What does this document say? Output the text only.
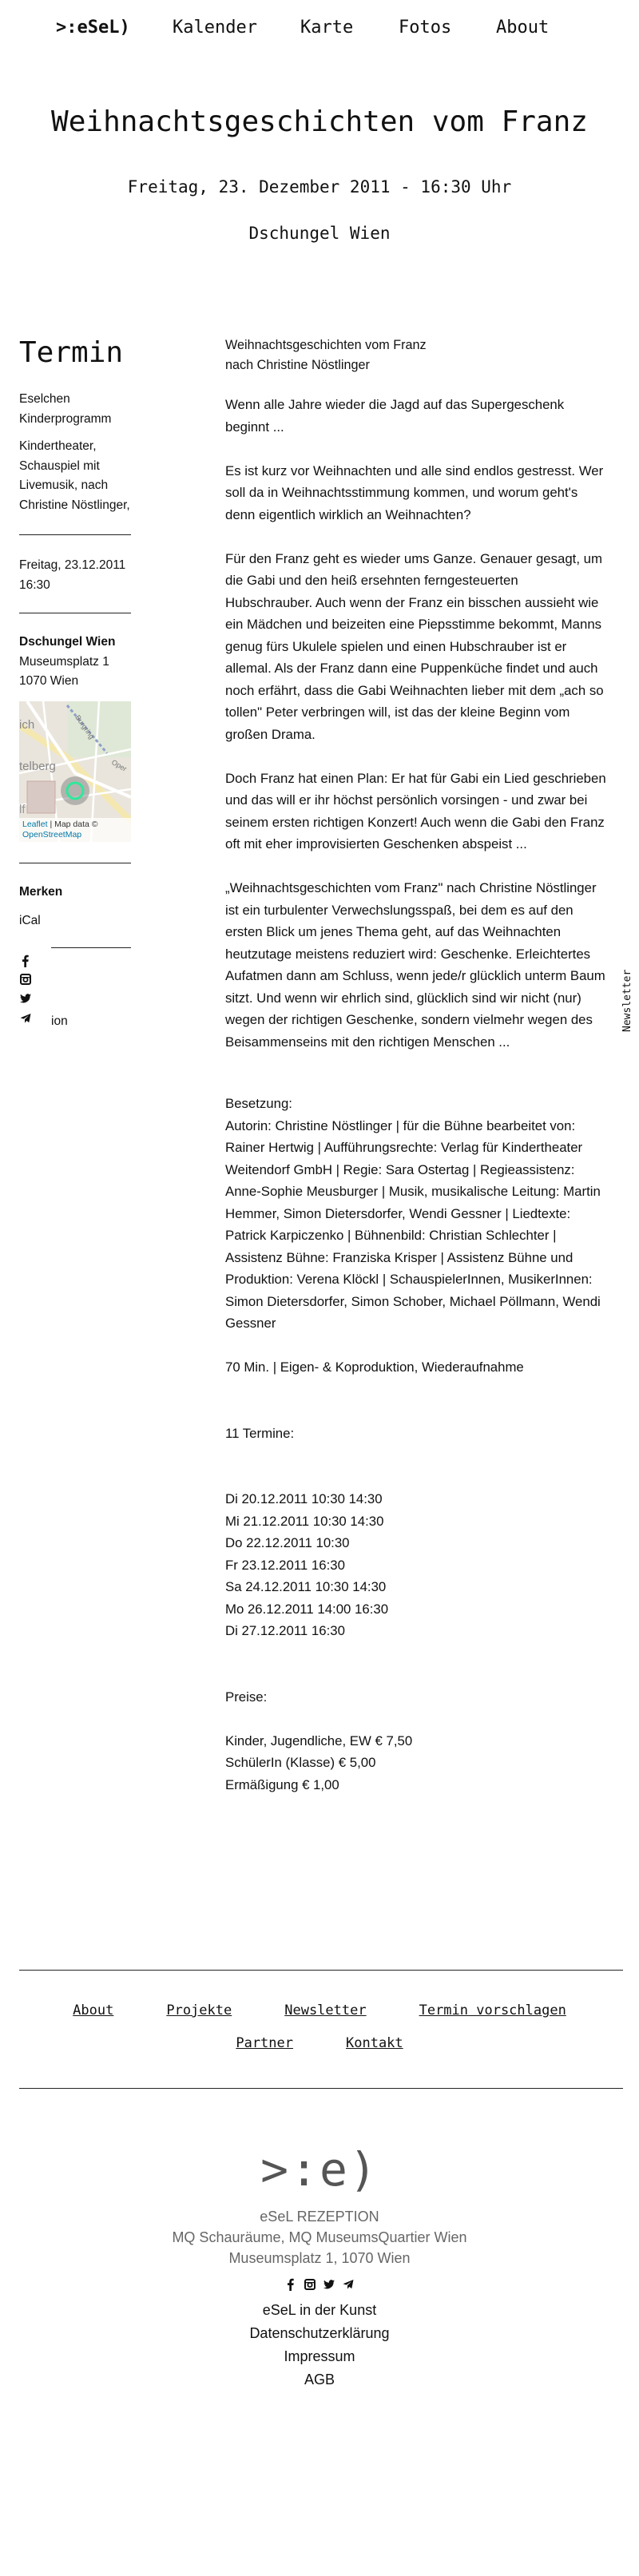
>:eSeL) Kalender Karte	Fotos	About
Weihnachtsgeschichten vom Franz
Freitag, 23. Dezember 2011 - 16:30 Uhr
Dschungel Wien
Termin

Eselchen Kinderprogramm

Kindertheater, Schauspiel mit Livemusik, nach Christine Nöstlinger,

Freitag, 23.12.2011

16:30

Dschungel Wien

Museumsplatz 1

1070 Wien

ich
telberg
Burgring
Oper
lf
Leaflet | Map data ©
OpenStreetMap

Merken

iCal

ion

Weihnachtsgeschichten vom Franz

nach Christine Nöstlinger

Wenn alle Jahre wieder die Jagd auf das Supergeschenk beginnt ...

Es ist kurz vor Weihnachten und alle sind endlos gestresst. Wer soll da in Weihnachtsstimmung kommen, und worum geht's denn eigentlich wirklich an Weihnachten?

Für den Franz geht es wieder ums Ganze. Genauer gesagt, um die Gabi und den heiß ersehnten ferngesteuerten Hubschrauber. Auch wenn der Franz ein bisschen aussieht wie ein Mädchen und beizeiten eine Piepsstimme bekommt, Manns genug fürs Ukulele spielen und einen Hubschrauber ist er allemal. Als der Franz dann eine Puppenküche findet und auch noch erfährt, dass die Gabi Weihnachten lieber mit dem „ach so tollen" Peter verbringen will, ist das der kleine Beginn vom großen Drama.

Doch Franz hat einen Plan: Er hat für Gabi ein Lied geschrieben und das will er ihr höchst persönlich vorsingen - und zwar bei seinem ersten richtigen Konzert! Auch wenn die Gabi den Franz oft mit eher improvisierten Geschenken abspeist ...

„Weihnachtsgeschichten vom Franz" nach Christine Nöstlinger ist ein turbulenter Verwechslungsspaß, bei dem es auf den ersten Blick um jenes Thema geht, auf das Weihnachten heutzutage meistens reduziert wird: Geschenke. Erleichtertes Aufatmen dann am Schluss, wenn jede/r glücklich unterm Baum sitzt. Und wenn wir ehrlich sind, glücklich sind wir nicht (nur) wegen der richtigen Geschenke, sondern vielmehr wegen des Beisammenseins mit den richtigen Menschen ...

Besetzung:

Autorin: Christine Nöstlinger | für die Bühne bearbeitet von: Rainer Hertwig | Aufführungsrechte: Verlag für Kindertheater Weitendorf GmbH | Regie: Sara Ostertag | Regieassistenz: Anne-Sophie Meusburger | Musik, musikalische Leitung: Martin Hemmer, Simon Dietersdorfer, Wendi Gessner | Liedtexte: Patrick Karpiczenko | Bühnenbild: Christian Schlechter | Assistenz Bühne: Franziska Krisper | Assistenz Bühne und Produktion: Verena Klöckl | SchauspielerInnen, MusikerInnen: Simon Dietersdorfer, Simon Schober, Michael Pöllmann, Wendi Gessner

70 Min. | Eigen- & Koproduktion, Wiederaufnahme

11 Termine:

Di 20.12.2011 10:30 14:30

Mi 21.12.2011 10:30 14:30

Do 22.12.2011 10:30

Fr 23.12.2011 16:30

Sa 24.12.2011 10:30 14:30

Mo 26.12.2011 14:00 16:30

Di 27.12.2011 16:30

Preise:

Kinder, Jugendliche, EW € 7,50

SchülerIn (Klasse) € 5,00

Ermäßigung € 1,00

Newsletter
About	Projekte	Newsletter	Termin vorschlagen
Partner	Kontakt
>:e)
eSeL REZEPTION
MQ Schauräume, MQ MuseumsQuartier Wien
Museumsplatz 1, 1070 Wien
eSeL in der Kunst
Datenschutzerklärung
Impressum
AGB
